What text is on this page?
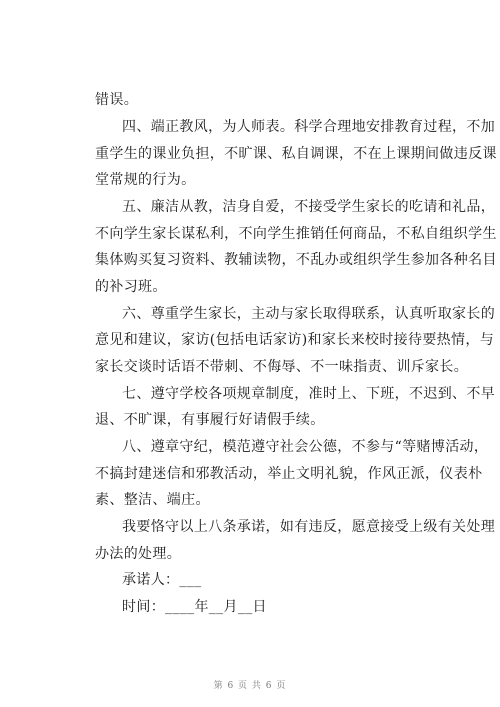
错误。
四、端正教风，为人师表。科学合理地安排教育过程，不加
重学生的课业负担，不旷课、私自调课，不在上课期间做违反课
堂常规的行为。
五、廉洁从教，洁身自爱，不接受学生家长的吃请和礼品，
不向学生家长谋私利，不向学生推销任何商品，不私自组织学生
集体购买复习资料、教辅读物，不乱办或组织学生参加各种名目
的补习班。
六、尊重学生家长，主动与家长取得联系，认真听取家长的
意见和建议，家访(包括电话家访)和家长来校时接待要热情，与
家长交谈时话语不带刺、不侮辱、不一味指责、训斥家长。
七、遵守学校各项规章制度，准时上、下班，不迟到、不早
退、不旷课，有事履行好请假手续。
八、遵章守纪，模范遵守社会公德，不参与“等赌博活动，
不搞封建迷信和邪教活动，举止文明礼貌，作风正派，仪表朴
素、整洁、端庄。
我要恪守以上八条承诺，如有违反，愿意接受上级有关处理
办法的处理。
承诺人：___
时间：____年__月__日
第 6 页 共 6 页
